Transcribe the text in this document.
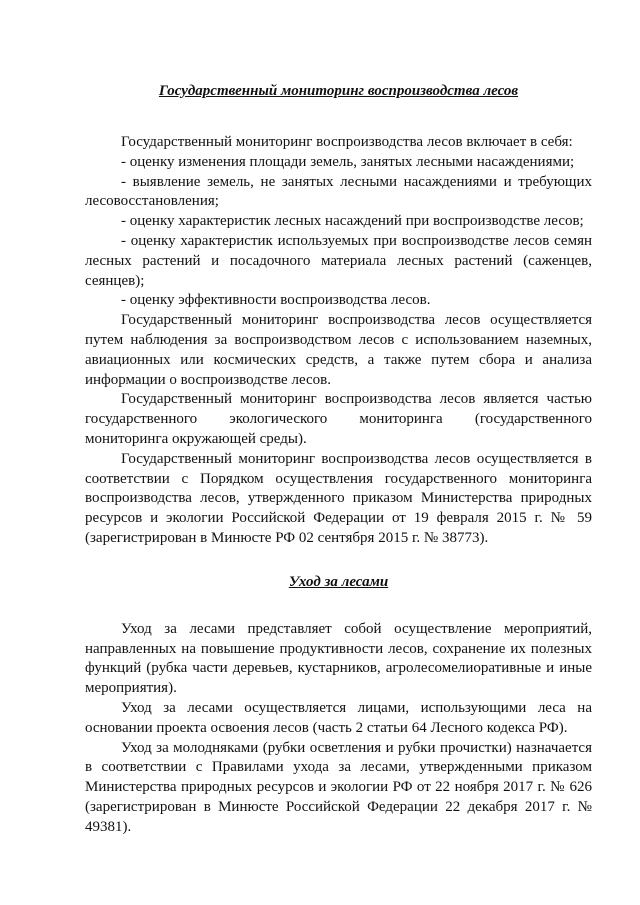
Государственный мониторинг воспроизводства лесов

Государственный мониторинг воспроизводства лесов включает в себя:

- оценку изменения площади земель, занятых лесными насаждениями;

- выявление земель, не занятых лесными насаждениями и требующих лесовосстановления;

- оценку характеристик лесных насаждений при воспроизводстве лесов;

- оценку характеристик используемых при воспроизводстве лесов семян лесных растений и посадочного материала лесных растений (саженцев, сеянцев);

- оценку эффективности воспроизводства лесов.

Государственный мониторинг воспроизводства лесов осуществляется путем наблюдения за воспроизводством лесов с использованием наземных, авиационных или космических средств, а также путем сбора и анализа информации о воспроизводстве лесов.

Государственный мониторинг воспроизводства лесов является частью государственного экологического мониторинга (государственного мониторинга окружающей среды).

Государственный мониторинг воспроизводства лесов осуществляется в соответствии с Порядком осуществления государственного мониторинга воспроизводства лесов, утвержденного приказом Министерства природных ресурсов и экологии Российской Федерации от 19 февраля 2015 г. № 59 (зарегистрирован в Минюсте РФ 02 сентября 2015 г. № 38773).

Уход за лесами

Уход за лесами представляет собой осуществление мероприятий, направленных на повышение продуктивности лесов, сохранение их полезных функций (рубка части деревьев, кустарников, агролесомелиоративные и иные мероприятия).

Уход за лесами осуществляется лицами, использующими леса на основании проекта освоения лесов (часть 2 статьи 64 Лесного кодекса РФ).

Уход за молодняками (рубки осветления и рубки прочистки) назначается в соответствии с Правилами ухода за лесами, утвержденными приказом Министерства природных ресурсов и экологии РФ от 22 ноября 2017 г. № 626 (зарегистрирован в Минюсте Российской Федерации 22 декабря 2017 г. № 49381).
